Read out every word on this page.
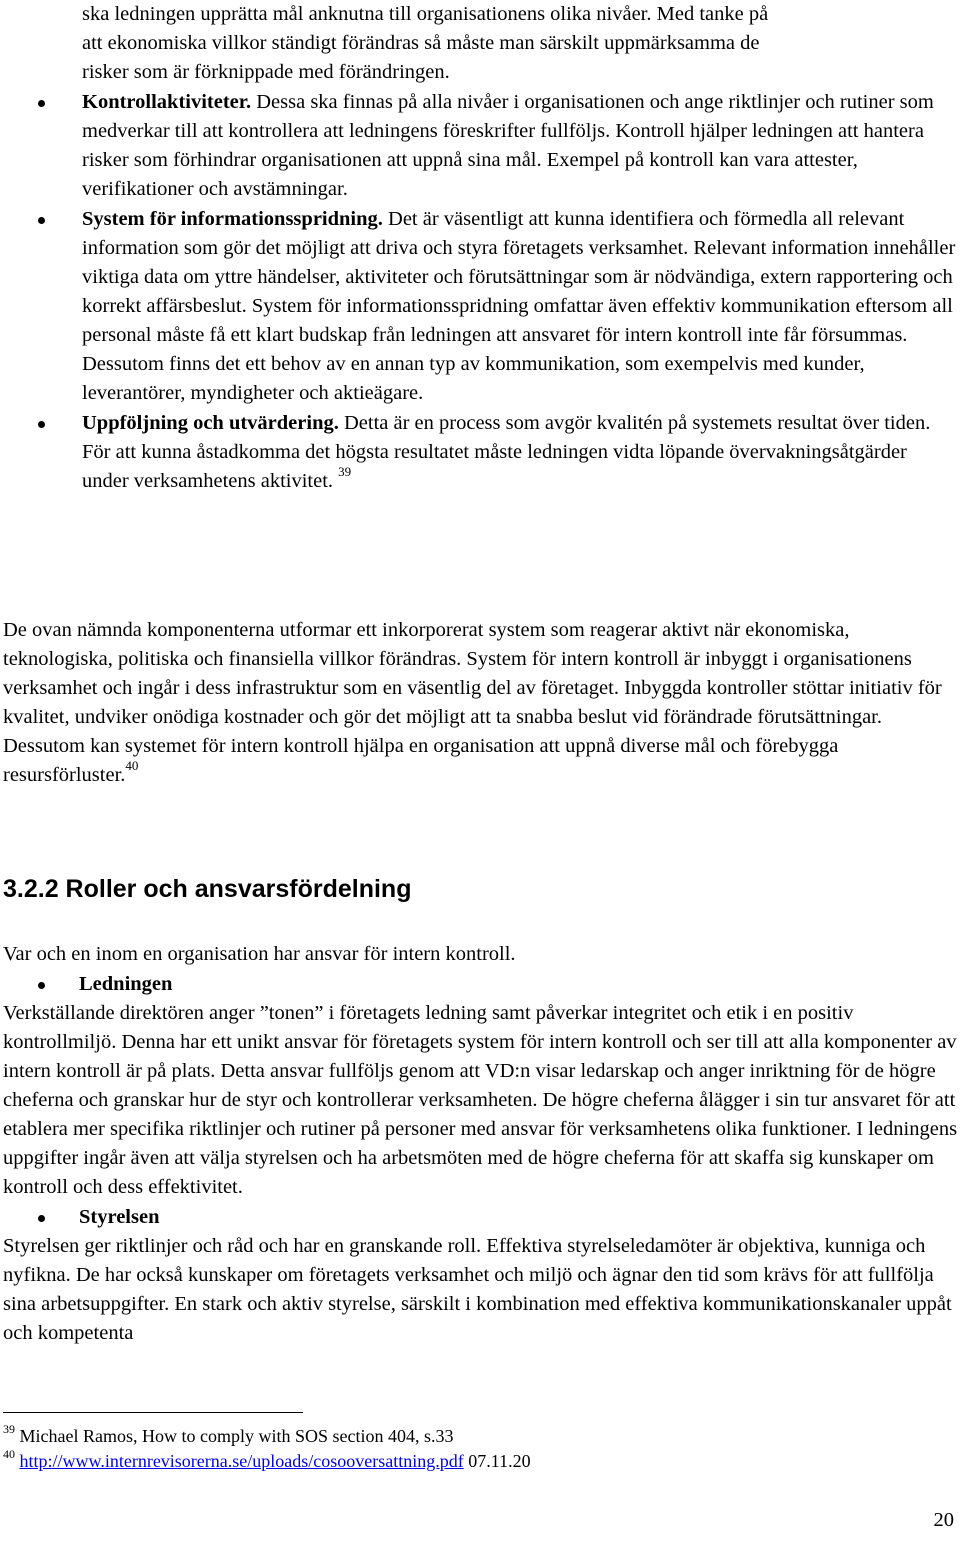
ska ledningen upprätta mål anknutna till organisationens olika nivåer. Med tanke på
att ekonomiska villkor ständigt förändras så måste man särskilt uppmärksamma de
risker som är förknippade med förändringen.
Kontrollaktiviteter. Dessa ska finnas på alla nivåer i organisationen och ange riktlinjer och rutiner som medverkar till att kontrollera att ledningens föreskrifter fullföljs. Kontroll hjälper ledningen att hantera risker som förhindrar organisationen att uppnå sina mål. Exempel på kontroll kan vara attester, verifikationer och avstämningar.
System för informationsspridning. Det är väsentligt att kunna identifiera och förmedla all relevant information som gör det möjligt att driva och styra företagets verksamhet. Relevant information innehåller viktiga data om yttre händelser, aktiviteter och förutsättningar som är nödvändiga, extern rapportering och korrekt affärsbeslut. System för informationsspridning omfattar även effektiv kommunikation eftersom all personal måste få ett klart budskap från ledningen att ansvaret för intern kontroll inte får försummas. Dessutom finns det ett behov av en annan typ av kommunikation, som exempelvis med kunder, leverantörer, myndigheter och aktieägare.
Uppföljning och utvärdering. Detta är en process som avgör kvalitén på systemets resultat över tiden. För att kunna åstadkomma det högsta resultatet måste ledningen vidta löpande övervakningsåtgärder under verksamhetens aktivitet. $^{39}$
De ovan nämnda komponenterna utformar ett inkorporerat system som reagerar aktivt när ekonomiska, teknologiska, politiska och finansiella villkor förändras. System för intern kontroll är inbyggt i organisationens verksamhet och ingår i dess infrastruktur som en väsentlig del av företaget. Inbyggda kontroller stöttar initiativ för kvalitet, undviker onödiga kostnader och gör det möjligt att ta snabba beslut vid förändrade förutsättningar.
Dessutom kan systemet för intern kontroll hjälpa en organisation att uppnå diverse mål och förebygga resursförluster.$^{40}$
3.2.2 Roller och ansvarsfördelning
Var och en inom en organisation har ansvar för intern kontroll.
Ledningen
Verkställande direktören anger ”tonen” i företagets ledning samt påverkar integritet och etik i en positiv kontrollmiljö. Denna har ett unikt ansvar för företagets system för intern kontroll och ser till att alla komponenter av intern kontroll är på plats. Detta ansvar fullföljs genom att VD:n visar ledarskap och anger inriktning för de högre cheferna och granskar hur de styr och kontrollerar verksamheten. De högre cheferna ålägger i sin tur ansvaret för att etablera mer specifika riktlinjer och rutiner på personer med ansvar för verksamhetens olika funktioner. I ledningens uppgifter ingår även att välja styrelsen och ha arbetsmöten med de högre cheferna för att skaffa sig kunskaper om kontroll och dess effektivitet.
Styrelsen
Styrelsen ger riktlinjer och råd och har en granskande roll. Effektiva styrelseledamöter är objektiva, kunniga och nyfikna. De har också kunskaper om företagets verksamhet och miljö och ägnar den tid som krävs för att fullfölja sina arbetsuppgifter. En stark och aktiv styrelse, särskilt i kombination med effektiva kommunikationskanaler uppåt och kompetenta
$^{39}$ Michael Ramos, How to comply with SOS section 404, s.33
$^{40}$ http://www.internrevisorerna.se/uploads/cosooversattning.pdf 07.11.20
20
